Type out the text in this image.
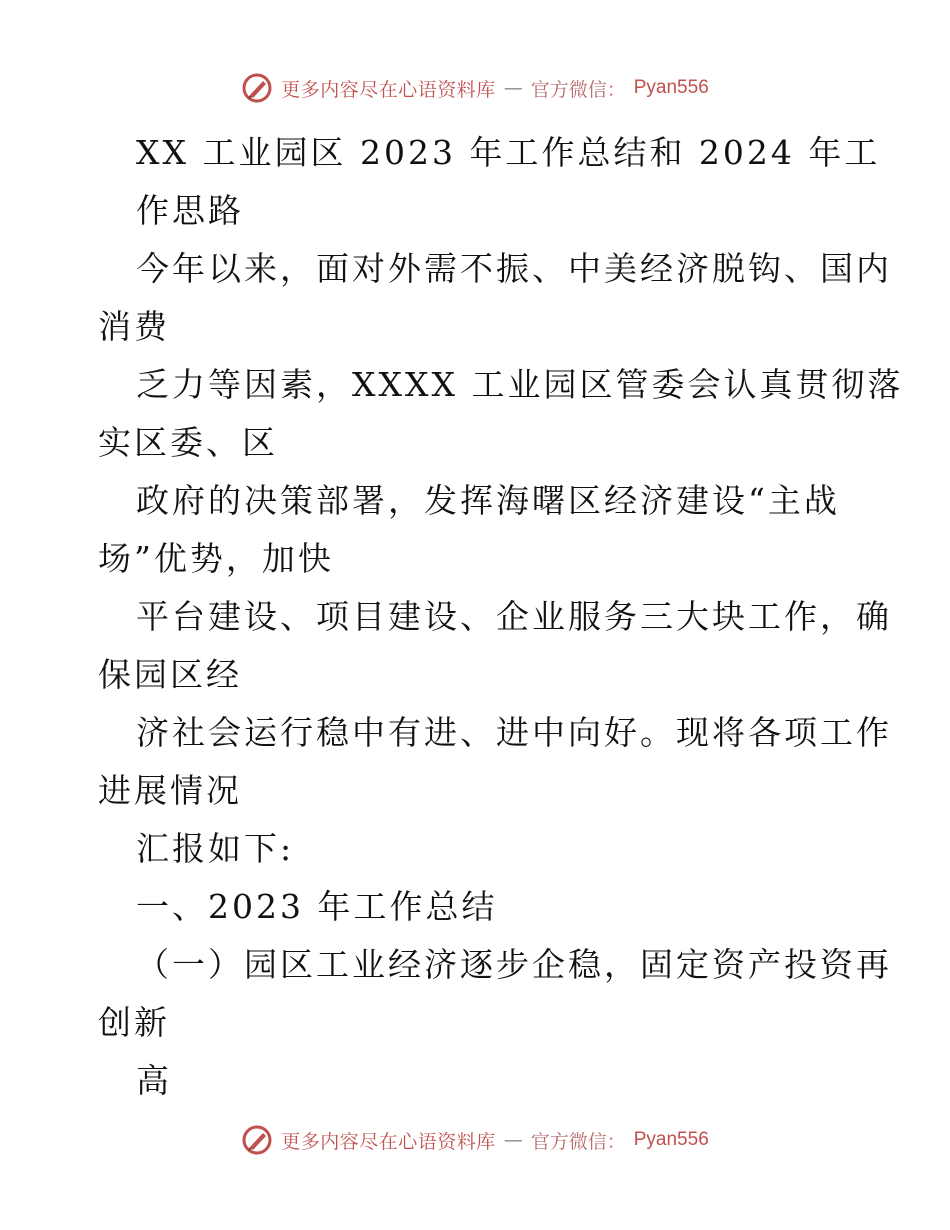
更多内容尽在心语资料库 — 官方微信： Pyan556

XX 工业园区 2023 年工作总结和 2024 年工

作思路

今年以来，面对外需不振、中美经济脱钩、国内

消费

乏力等因素，XXXX 工业园区管委会认真贯彻落

实区委、区

政府的决策部署，发挥海曙区经济建设“主战

场”优势，加快

平台建设、项目建设、企业服务三大块工作，确

保园区经

济社会运行稳中有进、进中向好。现将各项工作

进展情况

汇报如下:

一、2023 年工作总结

（一）园区工业经济逐步企稳，固定资产投资再

创新

高

更多内容尽在心语资料库 — 官方微信： Pyan556
